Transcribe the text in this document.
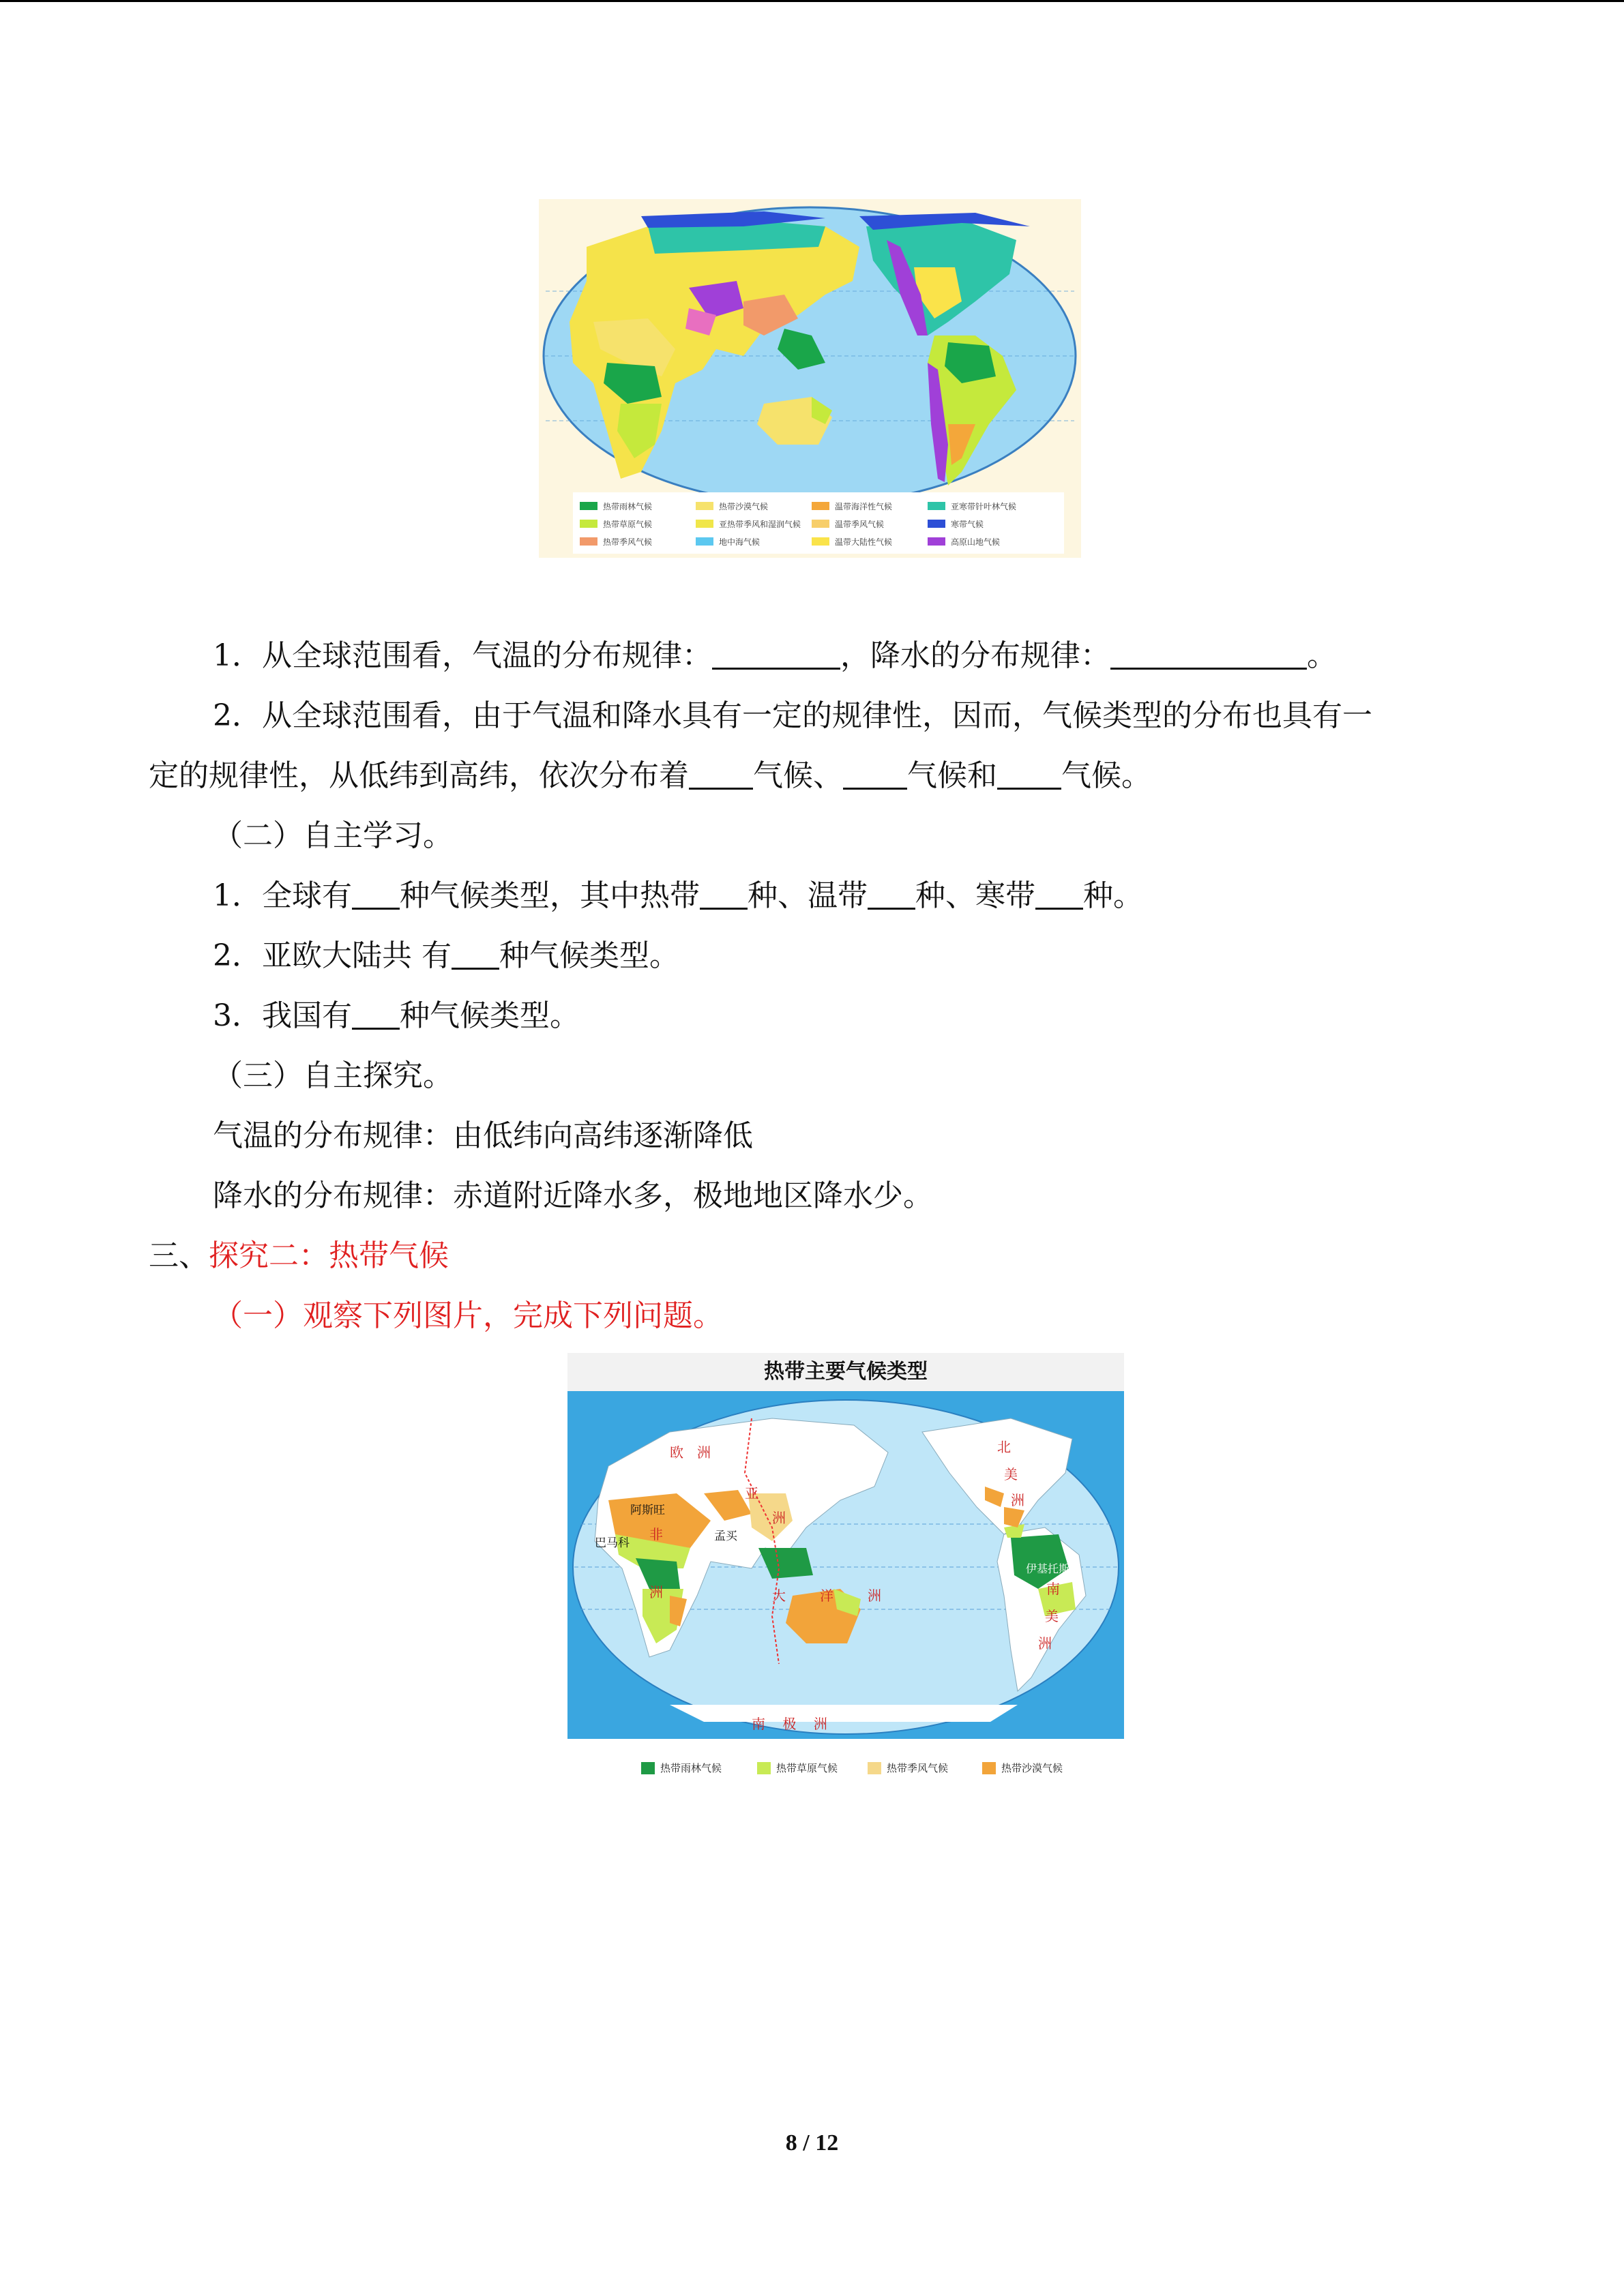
热带雨林气候	热带沙漠气候	温带海洋性气候	亚寒带针叶林气候
热带草原气候	亚热带季风和湿润气候	温带季风气候	寒带气候
热带季风气候	地中海气候	温带大陆性气候	高原山地气候
1．从全球范围看，气温的分布规律：	，降水的分布规律：	。
2．从全球范围看，由于气温和降水具有一定的规律性，因而，气候类型的分布也具有一
定的规律性，从低纬到高纬，依次分布着 气候、 气候和 气候。
（二）自主学习。
1．全球有 种气候类型，其中热带 种、温带 种、寒带 种。
2．亚欧大陆共 有 种气候类型。
3．我国有 种气候类型。
（三）自主探究。
气温的分布规律：由低纬向高纬逐渐降低
降水的分布规律：赤道附近降水多，极地地区降水少。
三、探究二：热带气候
（一）观察下列图片，完成下列问题。
热带主要气候类型
阿斯旺
巴马科	孟买
伊基托斯
欧 洲
亚
洲
非
洲
北
美
洲
南
美
洲
大	洋	洲
南    极    洲
热带雨林气候	热带草原气候	热带季风气候	热带沙漠气候
8 / 12
